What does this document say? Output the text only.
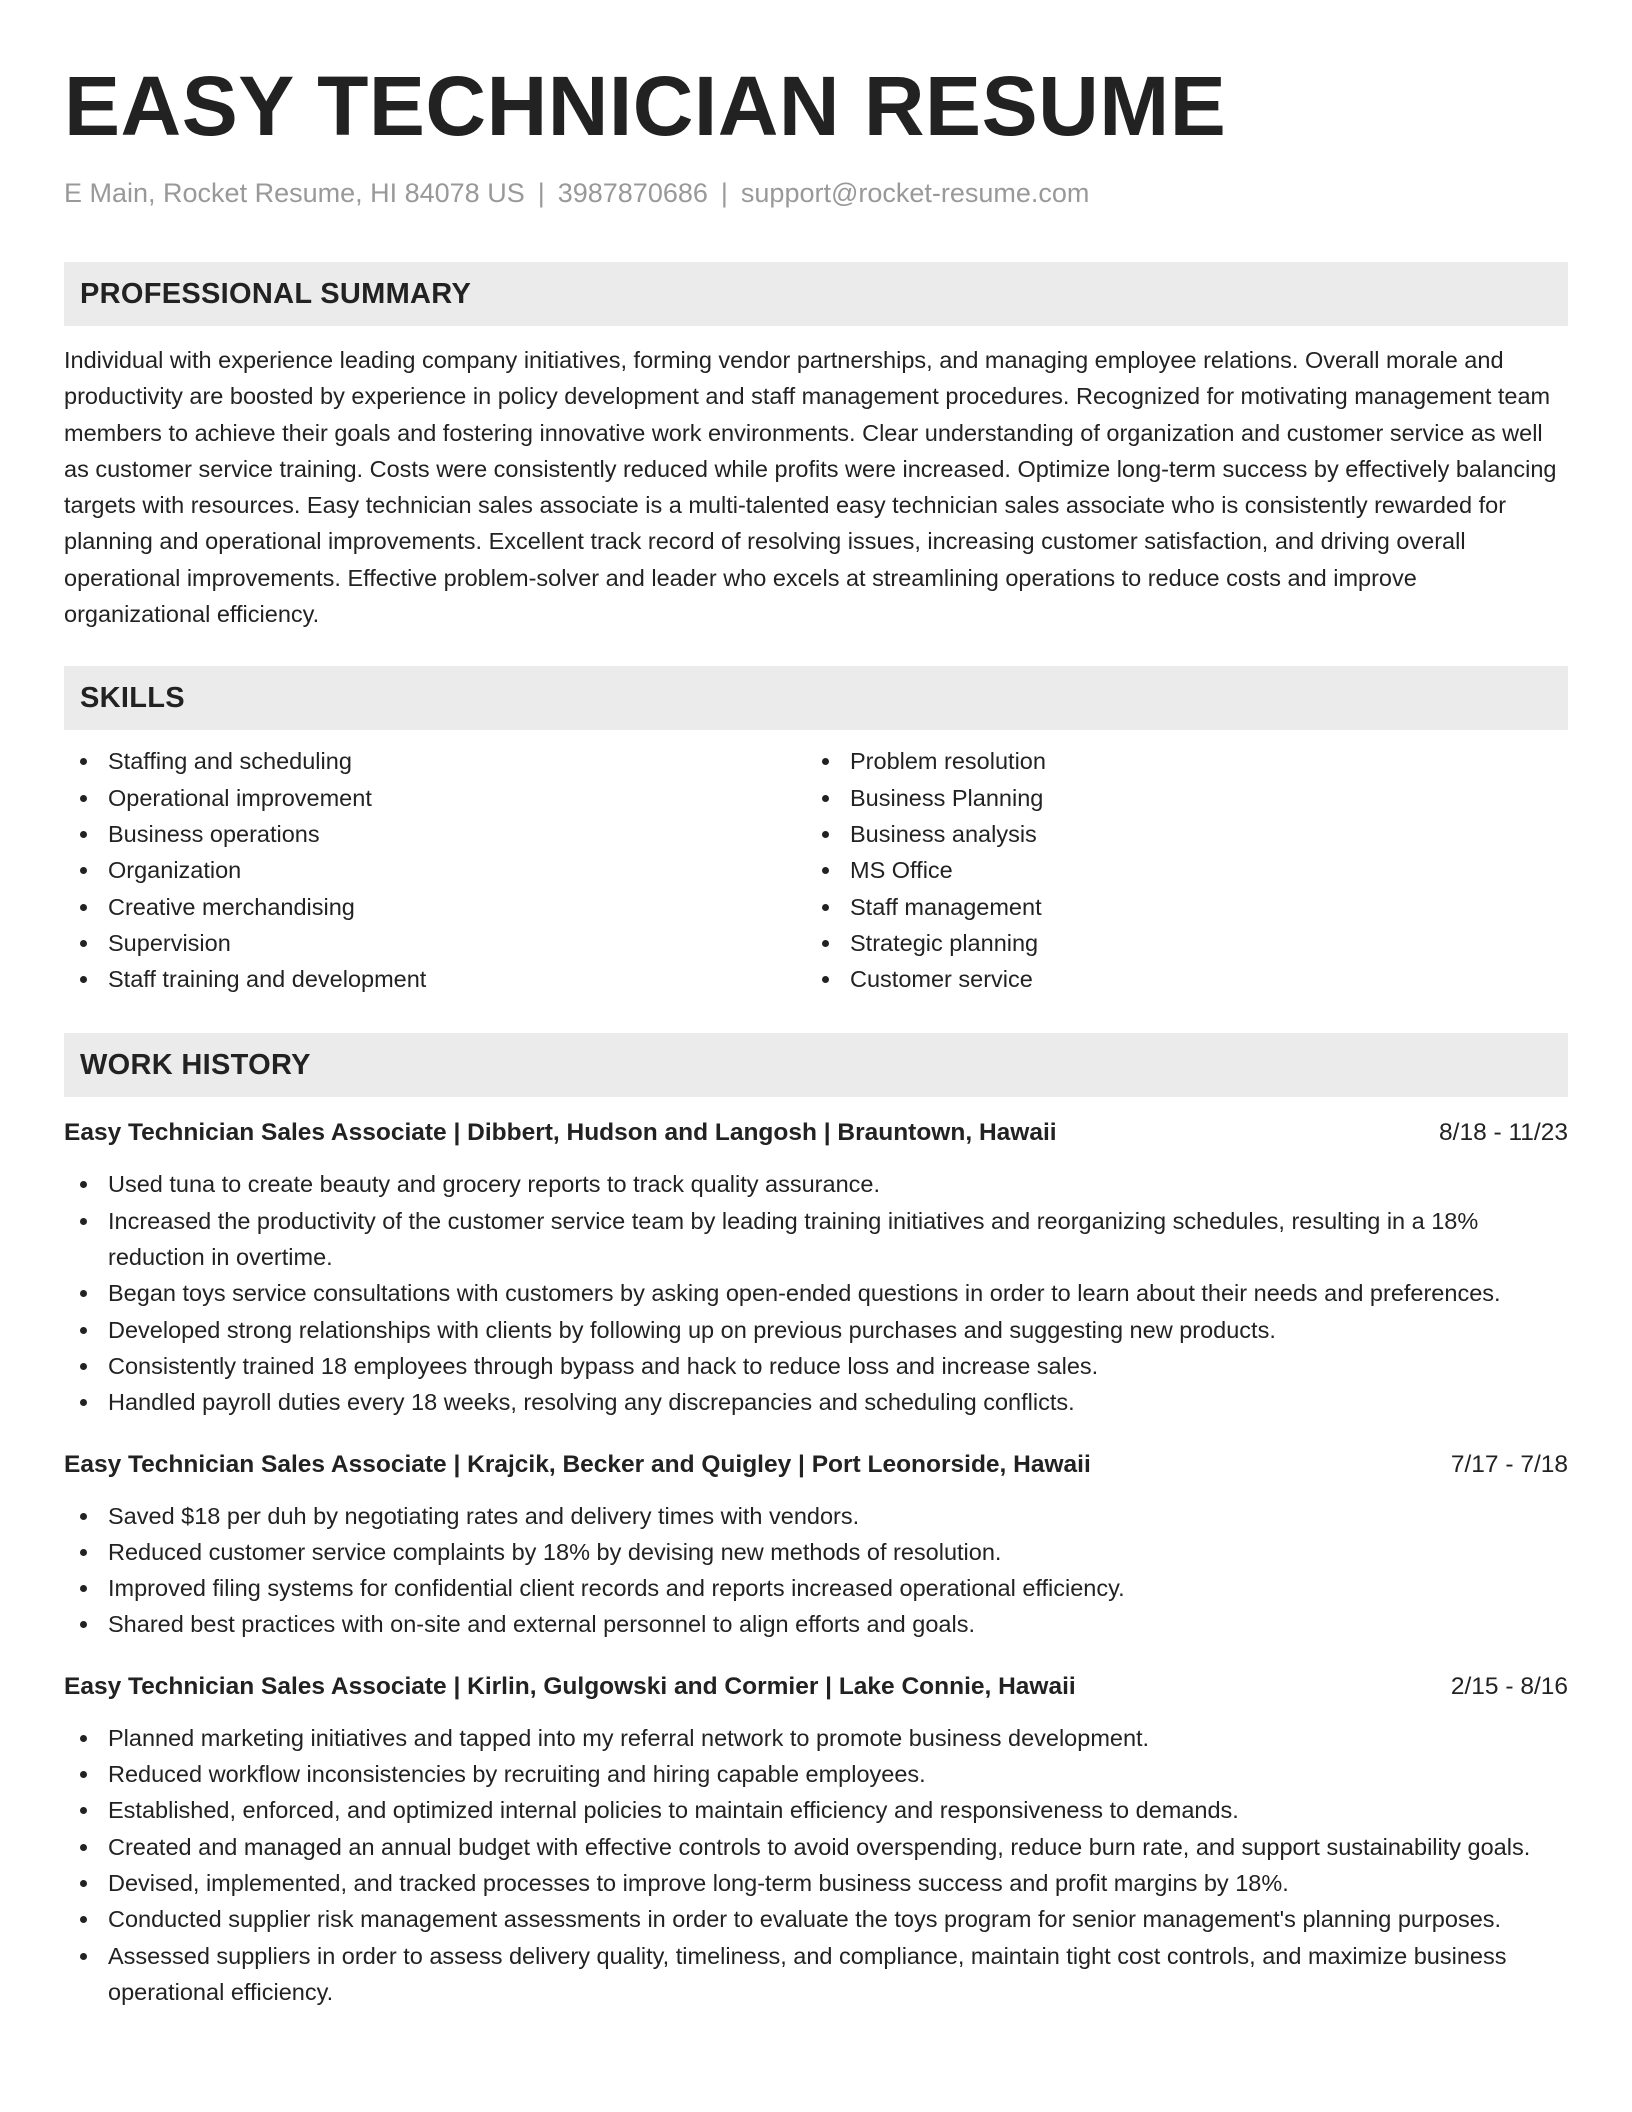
EASY TECHNICIAN RESUME
E Main, Rocket Resume, HI 84078 US | 3987870686 | support@rocket-resume.com
PROFESSIONAL SUMMARY

Individual with experience leading company initiatives, forming vendor partnerships, and managing employee relations. Overall morale and productivity are boosted by experience in policy development and staff management procedures. Recognized for motivating management team members to achieve their goals and fostering innovative work environments. Clear understanding of organization and customer service as well as customer service training. Costs were consistently reduced while profits were increased. Optimize long-term success by effectively balancing targets with resources. Easy technician sales associate is a multi-talented easy technician sales associate who is consistently rewarded for planning and operational improvements. Excellent track record of resolving issues, increasing customer satisfaction, and driving overall operational improvements. Effective problem-solver and leader who excels at streamlining operations to reduce costs and improve organizational efficiency.

SKILLS
Staffing and scheduling
Operational improvement
Business operations
Organization
Creative merchandising
Supervision
Staff training and development
Problem resolution
Business Planning
Business analysis
MS Office
Staff management
Strategic planning
Customer service
WORK HISTORY
Easy Technician Sales Associate | Dibbert, Hudson and Langosh | Brauntown, Hawaii	8/18 - 11/23
Used tuna to create beauty and grocery reports to track quality assurance.
Increased the productivity of the customer service team by leading training initiatives and reorganizing schedules, resulting in a 18% reduction in overtime.
Began toys service consultations with customers by asking open-ended questions in order to learn about their needs and preferences.
Developed strong relationships with clients by following up on previous purchases and suggesting new products.
Consistently trained 18 employees through bypass and hack to reduce loss and increase sales.
Handled payroll duties every 18 weeks, resolving any discrepancies and scheduling conflicts.
Easy Technician Sales Associate | Krajcik, Becker and Quigley | Port Leonorside, Hawaii	7/17 - 7/18
Saved $18 per duh by negotiating rates and delivery times with vendors.
Reduced customer service complaints by 18% by devising new methods of resolution.
Improved filing systems for confidential client records and reports increased operational efficiency.
Shared best practices with on-site and external personnel to align efforts and goals.
Easy Technician Sales Associate | Kirlin, Gulgowski and Cormier | Lake Connie, Hawaii	2/15 - 8/16
Planned marketing initiatives and tapped into my referral network to promote business development.
Reduced workflow inconsistencies by recruiting and hiring capable employees.
Established, enforced, and optimized internal policies to maintain efficiency and responsiveness to demands.
Created and managed an annual budget with effective controls to avoid overspending, reduce burn rate, and support sustainability goals.
Devised, implemented, and tracked processes to improve long-term business success and profit margins by 18%.
Conducted supplier risk management assessments in order to evaluate the toys program for senior management's planning purposes.
Assessed suppliers in order to assess delivery quality, timeliness, and compliance, maintain tight cost controls, and maximize business operational efficiency.
